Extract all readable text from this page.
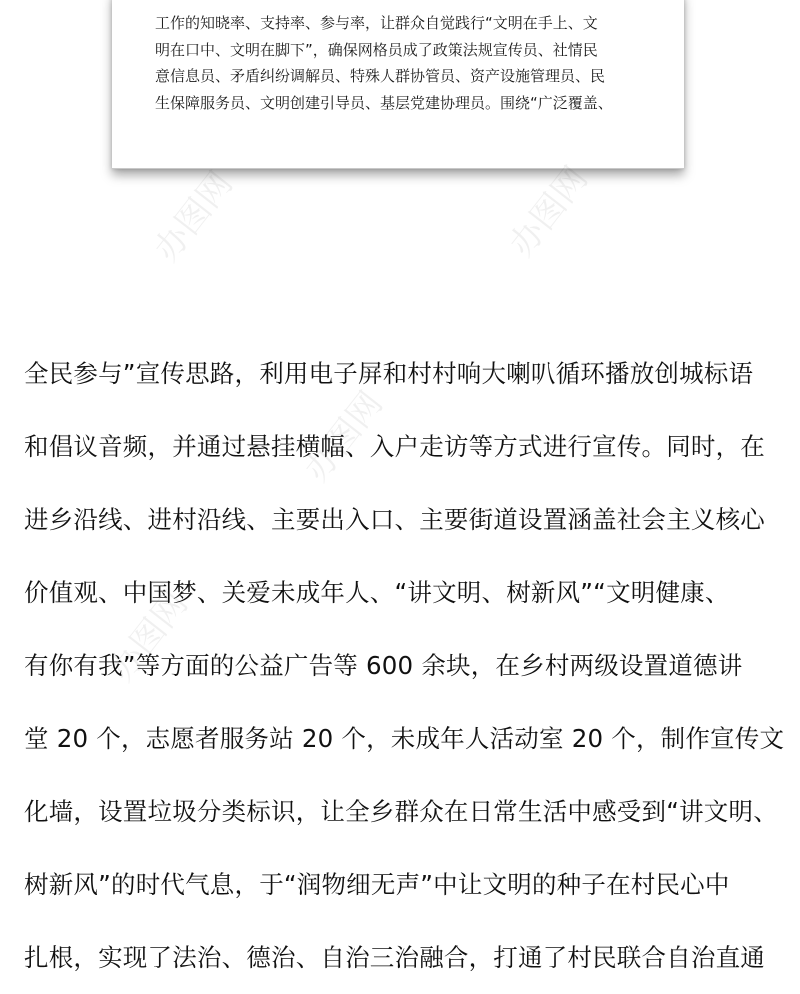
工作的知晓率、支持率、参与率，让群众自觉践行“文明在手上、文
明在口中、文明在脚下”，确保网格员成了政策法规宣传员、社情民
意信息员、矛盾纠纷调解员、特殊人群协管员、资产设施管理员、民
生保障服务员、文明创建引导员、基层党建协理员。围绕“广泛覆盖、
办图网	办图网
办图网
办图网
全民参与”宣传思路，利用电子屏和村村响大喇叭循环播放创城标语
和倡议音频，并通过悬挂横幅、入户走访等方式进行宣传。同时，在
进乡沿线、进村沿线、主要出入口、主要街道设置涵盖社会主义核心
价值观、中国梦、关爱未成年人、“讲文明、树新风”“文明健康、
有你有我”等方面的公益广告等 600 余块，在乡村两级设置道德讲
堂 20 个，志愿者服务站 20 个，未成年人活动室 20 个，制作宣传文
化墙，设置垃圾分类标识，让全乡群众在日常生活中感受到“讲文明、
树新风”的时代气息，于“润物细无声”中让文明的种子在村民心中
扎根，实现了法治、德治、自治三治融合，打通了村民联合自治直通
